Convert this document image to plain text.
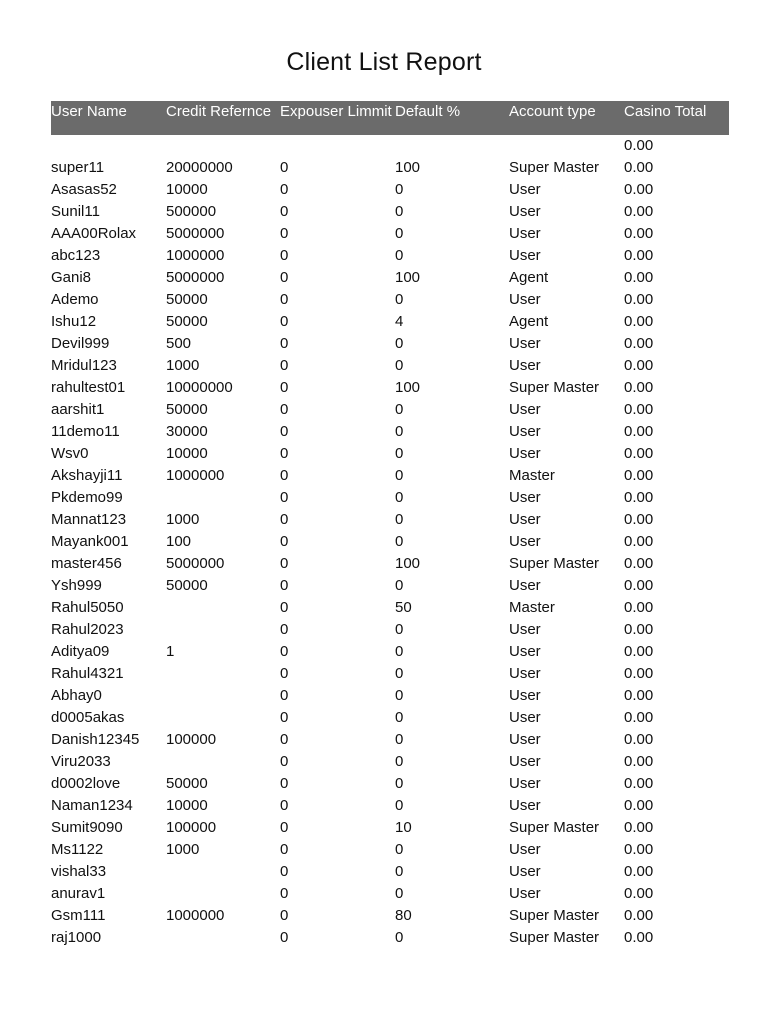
Client List Report
User Name	Credit Refernce	Expouser Limmit	Default %	Account type	Casino Total
					0.00
super11	20000000	0	100	Super Master	0.00
Asasas52	10000	0	0	User	0.00
Sunil11	500000	0	0	User	0.00
AAA00Rolax	5000000	0	0	User	0.00
abc123	1000000	0	0	User	0.00
Gani8	5000000	0	100	Agent	0.00
Ademo	50000	0	0	User	0.00
Ishu12	50000	0	4	Agent	0.00
Devil999	500	0	0	User	0.00
Mridul123	1000	0	0	User	0.00
rahultest01	10000000	0	100	Super Master	0.00
aarshit1	50000	0	0	User	0.00
11demo11	30000	0	0	User	0.00
Wsv0	10000	0	0	User	0.00
Akshayji11	1000000	0	0	Master	0.00
Pkdemo99		0	0	User	0.00
Mannat123	1000	0	0	User	0.00
Mayank001	100	0	0	User	0.00
master456	5000000	0	100	Super Master	0.00
Ysh999	50000	0	0	User	0.00
Rahul5050		0	50	Master	0.00
Rahul2023		0	0	User	0.00
Aditya09	1	0	0	User	0.00
Rahul4321		0	0	User	0.00
Abhay0		0	0	User	0.00
d0005akas		0	0	User	0.00
Danish12345	100000	0	0	User	0.00
Viru2033		0	0	User	0.00
d0002love	50000	0	0	User	0.00
Naman1234	10000	0	0	User	0.00
Sumit9090	100000	0	10	Super Master	0.00
Ms1122	1000	0	0	User	0.00
vishal33		0	0	User	0.00
anurav1		0	0	User	0.00
Gsm111	1000000	0	80	Super Master	0.00
raj1000		0	0	Super Master	0.00
